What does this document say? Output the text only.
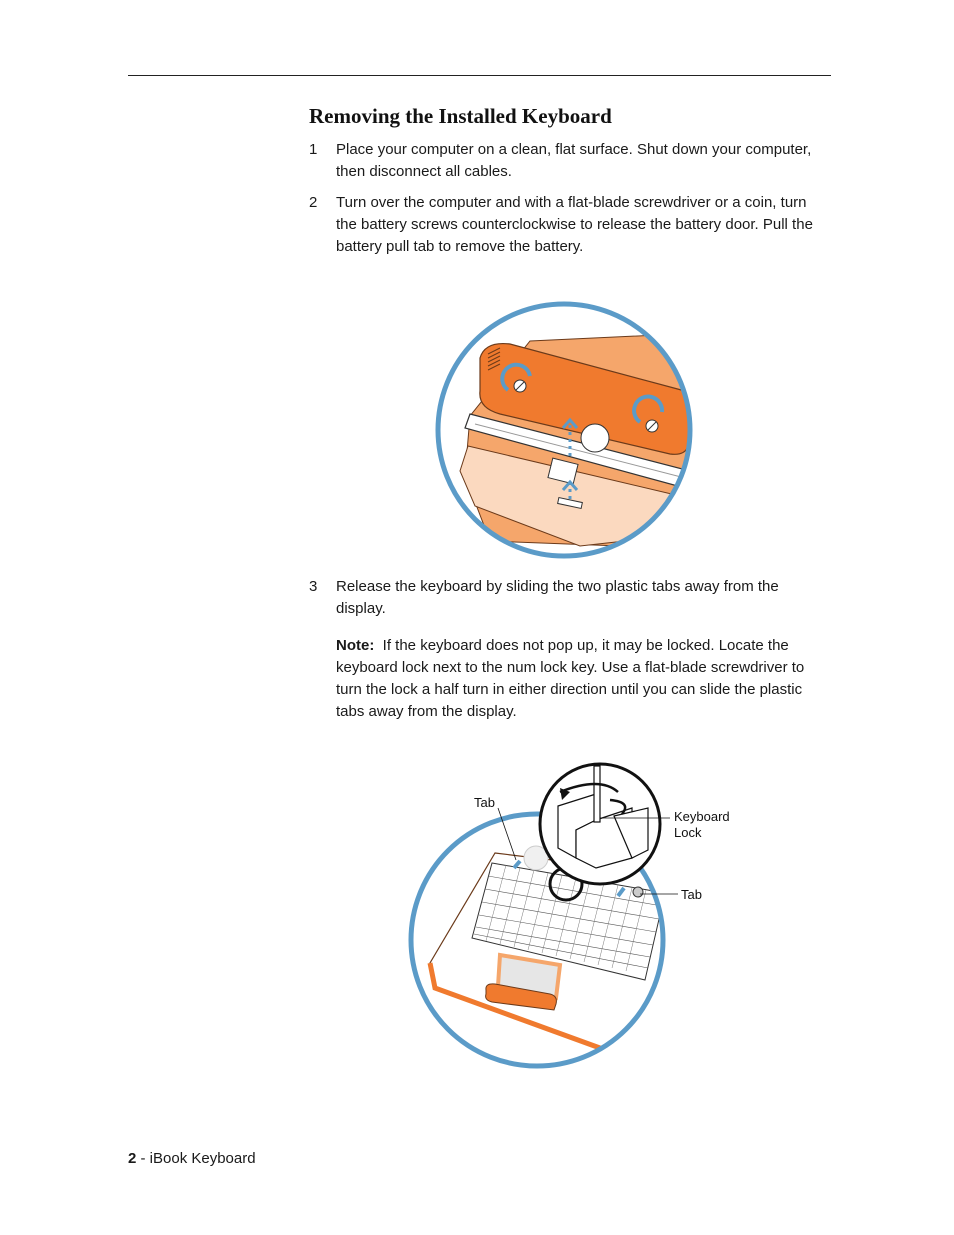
Removing the Installed Keyboard
1 Place your computer on a clean, flat surface. Shut down your computer, then disconnect all cables.
2 Turn over the computer and with a flat-blade screwdriver or a coin, turn the battery screws counterclockwise to release the battery door. Pull the battery pull tab to remove the battery.
3 Release the keyboard by sliding the two plastic tabs away from the display.
Note: If the keyboard does not pop up, it may be locked. Locate the keyboard lock next to the num lock key. Use a flat-blade screwdriver to turn the lock a half turn in either direction until you can slide the plastic tabs away from the display.
Tab
Keyboard
Lock
Tab
2 - iBook Keyboard
